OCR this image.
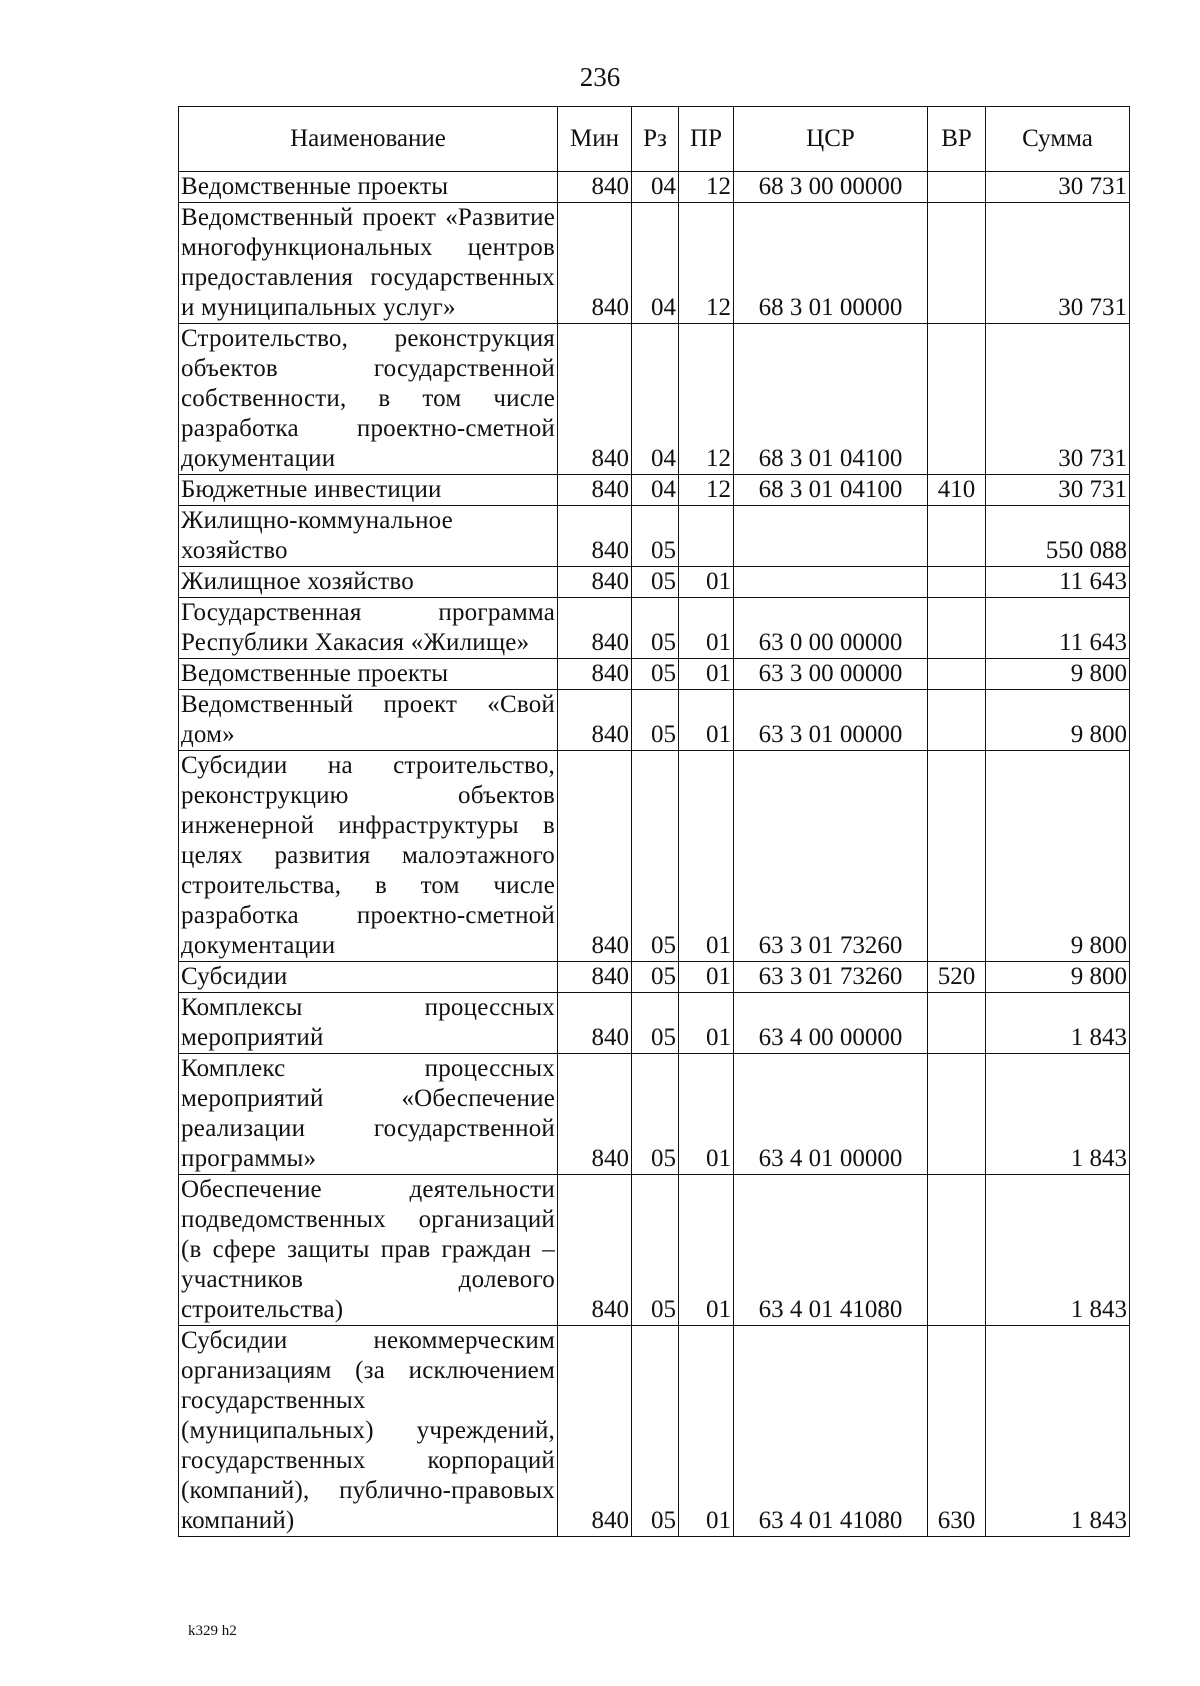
236
Наименование	Мин	Рз	ПР	ЦСР	ВР	Сумма
Ведомственные проекты	840	04	12	68 3 00 00000		30 731
Ведомственный проект «Развитие многофункциональных центров предоставления государственных и муниципальных услуг»	840	04	12	68 3 01 00000		30 731
Строительство, реконструкция объектов государственной собственности, в том числе разработка проектно-сметной документации	840	04	12	68 3 01 04100		30 731
Бюджетные инвестиции	840	04	12	68 3 01 04100	410	30 731
Жилищно-коммунальное хозяйство	840	05				550 088
Жилищное хозяйство	840	05	01			11 643
Государственная программа Республики Хакасия «Жилище»	840	05	01	63 0 00 00000		11 643
Ведомственные проекты	840	05	01	63 3 00 00000		9 800
Ведомственный проект «Свой дом»	840	05	01	63 3 01 00000		9 800
Субсидии на строительство, реконструкцию объектов инженерной инфраструктуры в целях развития малоэтажного строительства, в том числе разработка проектно-сметной документации	840	05	01	63 3 01 73260		9 800
Субсидии	840	05	01	63 3 01 73260	520	9 800
Комплексы процессных мероприятий	840	05	01	63 4 00 00000		1 843
Комплекс процессных мероприятий «Обеспечение реализации государственной программы»	840	05	01	63 4 01 00000		1 843
Обеспечение деятельности подведомственных организаций (в сфере защиты прав граждан – участников долевого строительства)	840	05	01	63 4 01 41080		1 843
Субсидии некоммерческим организациям (за исключением государственных (муниципальных) учреждений, государственных корпораций (компаний), публично-правовых компаний)	840	05	01	63 4 01 41080	630	1 843
k329 h2
